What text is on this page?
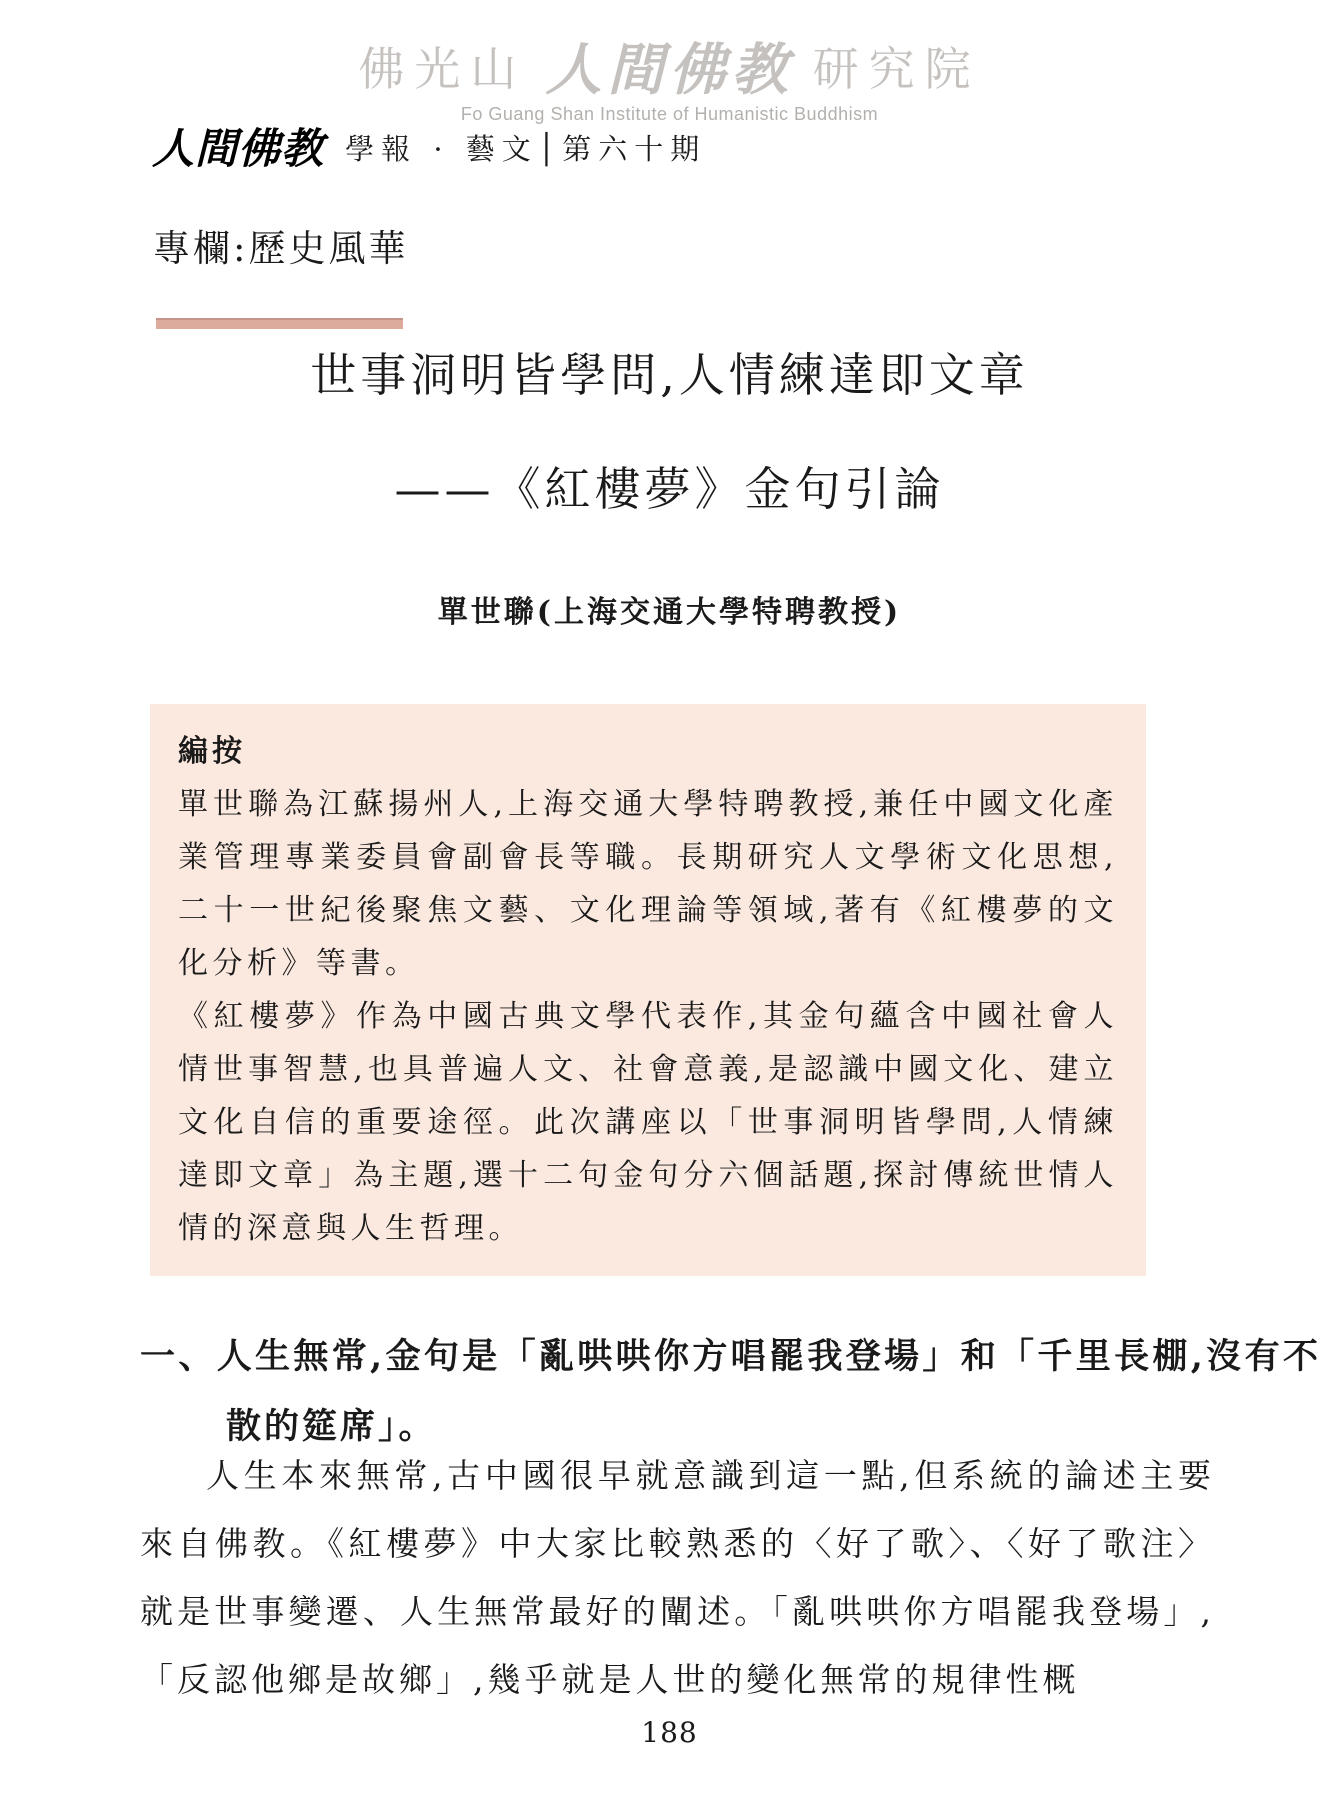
佛光山 人間佛教 研究院
Fo Guang Shan Institute of Humanistic Buddhism
人間佛教 學報 · 藝文│第六十期
專欄:歷史風華
世事洞明皆學問,人情練達即文章
——《紅樓夢》金句引論
單世聯(上海交通大學特聘教授)
編按

單世聯為江蘇揚州人,上海交通大學特聘教授,兼任中國文化產業管理專業委員會副會長等職。長期研究人文學術文化思想,二十一世紀後聚焦文藝、文化理論等領域,著有《紅樓夢的文化分析》等書。

《紅樓夢》作為中國古典文學代表作,其金句蘊含中國社會人情世事智慧,也具普遍人文、社會意義,是認識中國文化、建立文化自信的重要途徑。此次講座以「世事洞明皆學問,人情練達即文章」為主題,選十二句金句分六個話題,探討傳統世情人情的深意與人生哲理。

一、人生無常,金句是「亂哄哄你方唱罷我登場」和「千里長棚,沒有不散的筵席」。

人生本來無常,古中國很早就意識到這一點,但系統的論述主要來自佛教。《紅樓夢》中大家比較熟悉的〈好了歌〉、〈好了歌注〉就是世事變遷、人生無常最好的闡述。「亂哄哄你方唱罷我登場」,「反認他鄉是故鄉」,幾乎就是人世的變化無常的規律性概

188
